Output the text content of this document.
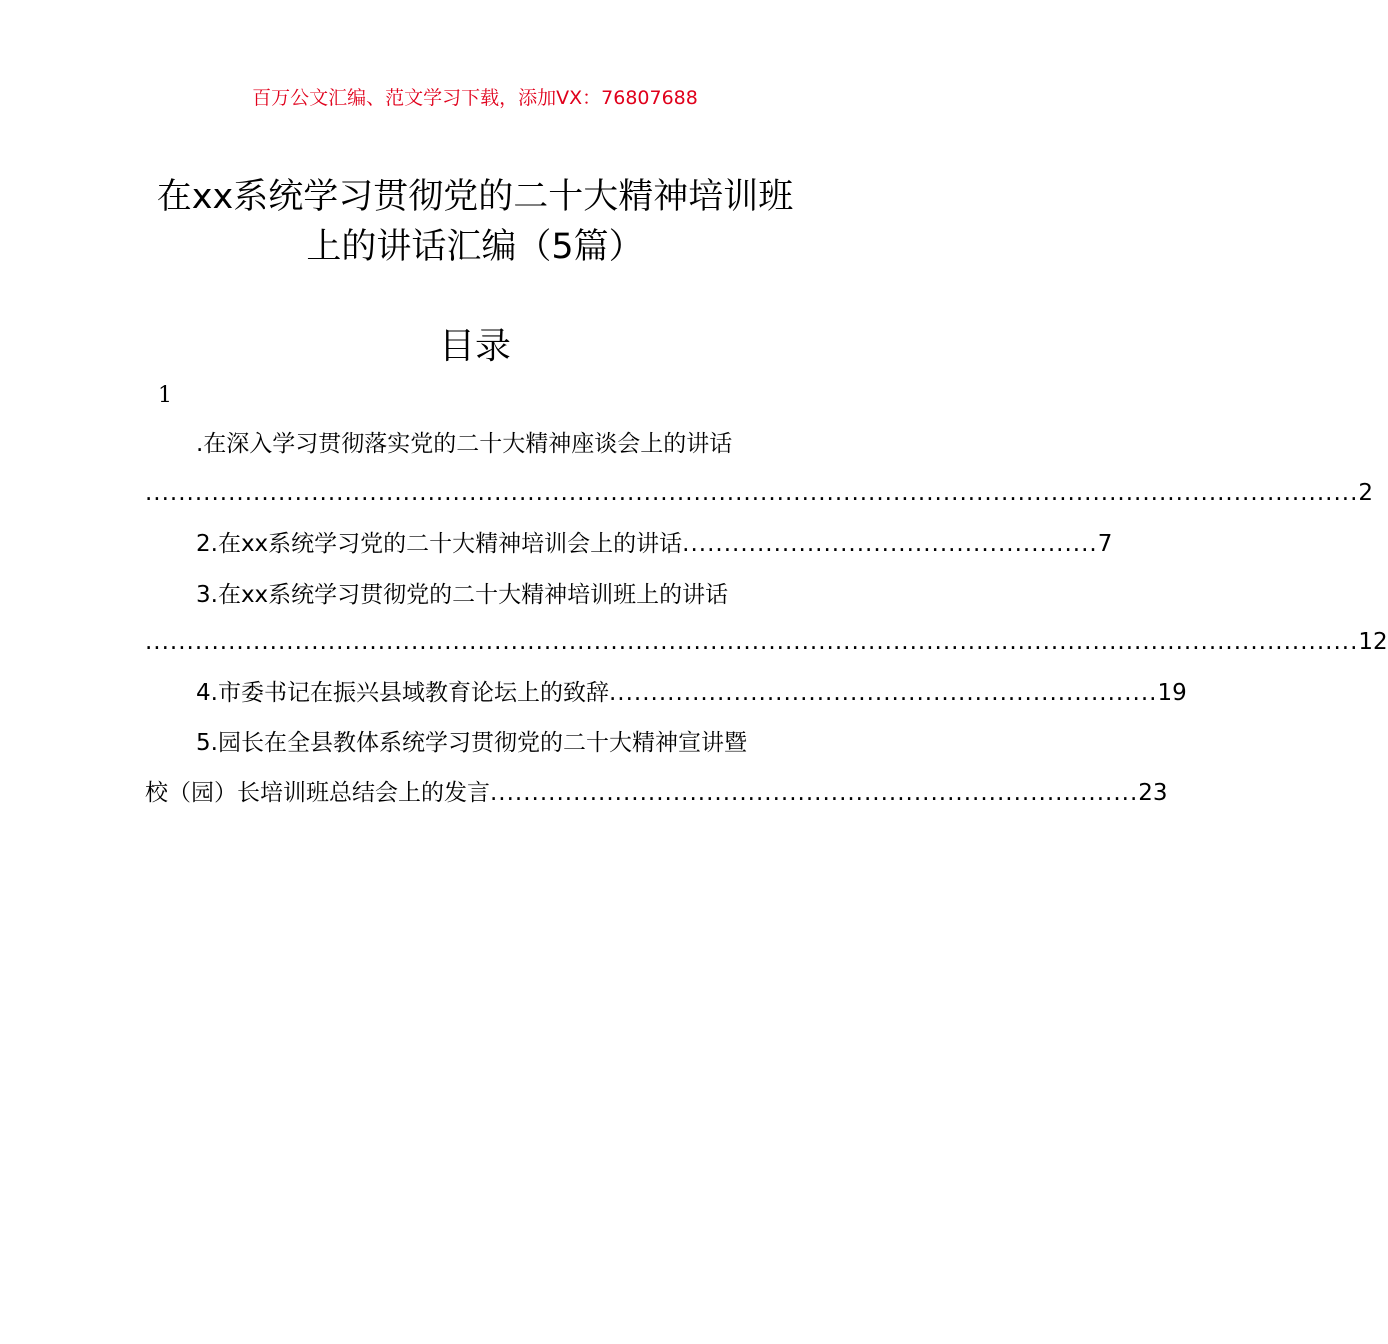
百万公文汇编、范文学习下载，添加VX：76807688
在xx系统学习贯彻党的二十大精神培训班
上的讲话汇编（5篇）
目录
1
.在深入学习贯彻落实党的二十大精神座谈会上的讲话
.................................................................................................................................................. 2
2.在xx系统学习党的二十大精神培训会上的讲话 .................................................. 7
3.在xx系统学习贯彻党的二十大精神培训班上的讲话
.................................................................................................................................................. 12
4.市委书记在振兴县域教育论坛上的致辞 .................................................................. 19
5.园长在全县教体系统学习贯彻党的二十大精神宣讲暨
校（园）长培训班总结会上的发言 .............................................................................. 23
